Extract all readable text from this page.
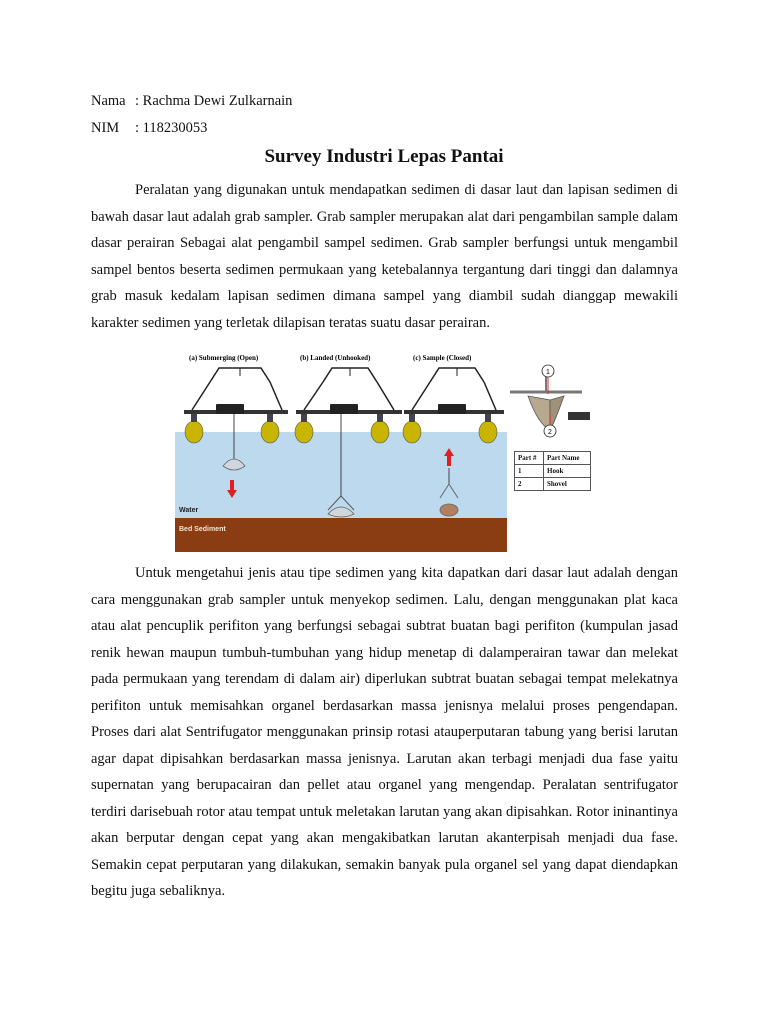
Nama : Rachma Dewi Zulkarnain
NIM : 118230053
Survey Industri Lepas Pantai

Peralatan yang digunakan untuk mendapatkan sedimen di dasar laut dan lapisan sedimen di bawah dasar laut adalah grab sampler. Grab sampler merupakan alat dari pengambilan sample dalam dasar perairan Sebagai alat pengambil sampel sedimen. Grab sampler berfungsi untuk mengambil sampel bentos beserta sedimen permukaan yang ketebalannya tergantung dari tinggi dan dalamnya grab masuk kedalam lapisan sedimen dimana sampel yang diambil sudah dianggap mewakili karakter sedimen yang terletak dilapisan teratas suatu dasar perairan.

(a) Submerging (Open)	(b) Landed (Unhooked)	(c) Sample (Closed)
Water
Bed Sediment
1
2
Part #	Part Name
1	Hook
2	Shovel

Untuk mengetahui jenis atau tipe sedimen yang kita dapatkan dari dasar laut adalah dengan cara menggunakan grab sampler untuk menyekop sedimen. Lalu, dengan menggunakan plat kaca atau alat pencuplik perifiton yang berfungsi sebagai subtrat buatan bagi perifiton (kumpulan jasad renik hewan maupun tumbuh-tumbuhan yang hidup menetap di dalamperairan tawar dan melekat pada permukaan yang terendam di dalam air) diperlukan subtrat buatan sebagai tempat melekatnya perifiton untuk memisahkan organel berdasarkan massa jenisnya melalui proses pengendapan. Proses dari alat Sentrifugator menggunakan prinsip rotasi atauperputaran tabung yang berisi larutan agar dapat dipisahkan berdasarkan massa jenisnya. Larutan akan terbagi menjadi dua fase yaitu supernatan yang berupacairan dan pellet atau organel yang mengendap. Peralatan sentrifugator terdiri darisebuah rotor atau tempat untuk meletakan larutan yang akan dipisahkan. Rotor ininantinya akan berputar dengan cepat yang akan mengakibatkan larutan akanterpisah menjadi dua fase. Semakin cepat perputaran yang dilakukan, semakin banyak pula organel sel yang dapat diendapkan begitu juga sebaliknya.
